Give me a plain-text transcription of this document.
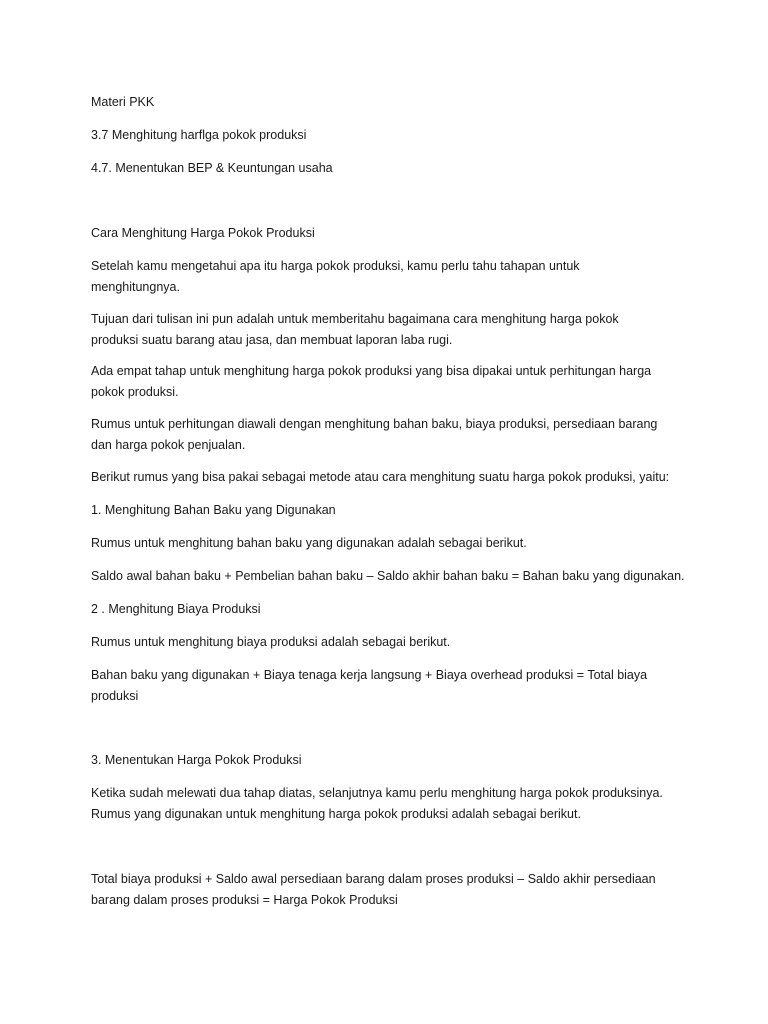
Materi PKK

3.7 Menghitung harflga pokok produksi

4.7. Menentukan BEP & Keuntungan usaha

Cara Menghitung Harga Pokok Produksi

Setelah kamu mengetahui apa itu harga pokok produksi, kamu perlu tahu tahapan untuk menghitungnya.

Tujuan dari tulisan ini pun adalah untuk memberitahu bagaimana cara menghitung harga pokok produksi suatu barang atau jasa, dan membuat laporan laba rugi.

Ada empat tahap untuk menghitung harga pokok produksi yang bisa dipakai untuk perhitungan harga pokok produksi.

Rumus untuk perhitungan diawali dengan menghitung bahan baku, biaya produksi, persediaan barang dan harga pokok penjualan.

Berikut rumus yang bisa pakai sebagai metode atau cara menghitung suatu harga pokok produksi, yaitu:

1. Menghitung Bahan Baku yang Digunakan

Rumus untuk menghitung bahan baku yang digunakan adalah sebagai berikut.

Saldo awal bahan baku + Pembelian bahan baku – Saldo akhir bahan baku = Bahan baku yang digunakan.

2 . Menghitung Biaya Produksi

Rumus untuk menghitung biaya produksi adalah sebagai berikut.

Bahan baku yang digunakan + Biaya tenaga kerja langsung + Biaya overhead produksi = Total biaya produksi

3. Menentukan Harga Pokok Produksi

Ketika sudah melewati dua tahap diatas, selanjutnya kamu perlu menghitung harga pokok produksinya. Rumus yang digunakan untuk menghitung harga pokok produksi adalah sebagai berikut.

Total biaya produksi + Saldo awal persediaan barang dalam proses produksi – Saldo akhir persediaan barang dalam proses produksi = Harga Pokok Produksi
